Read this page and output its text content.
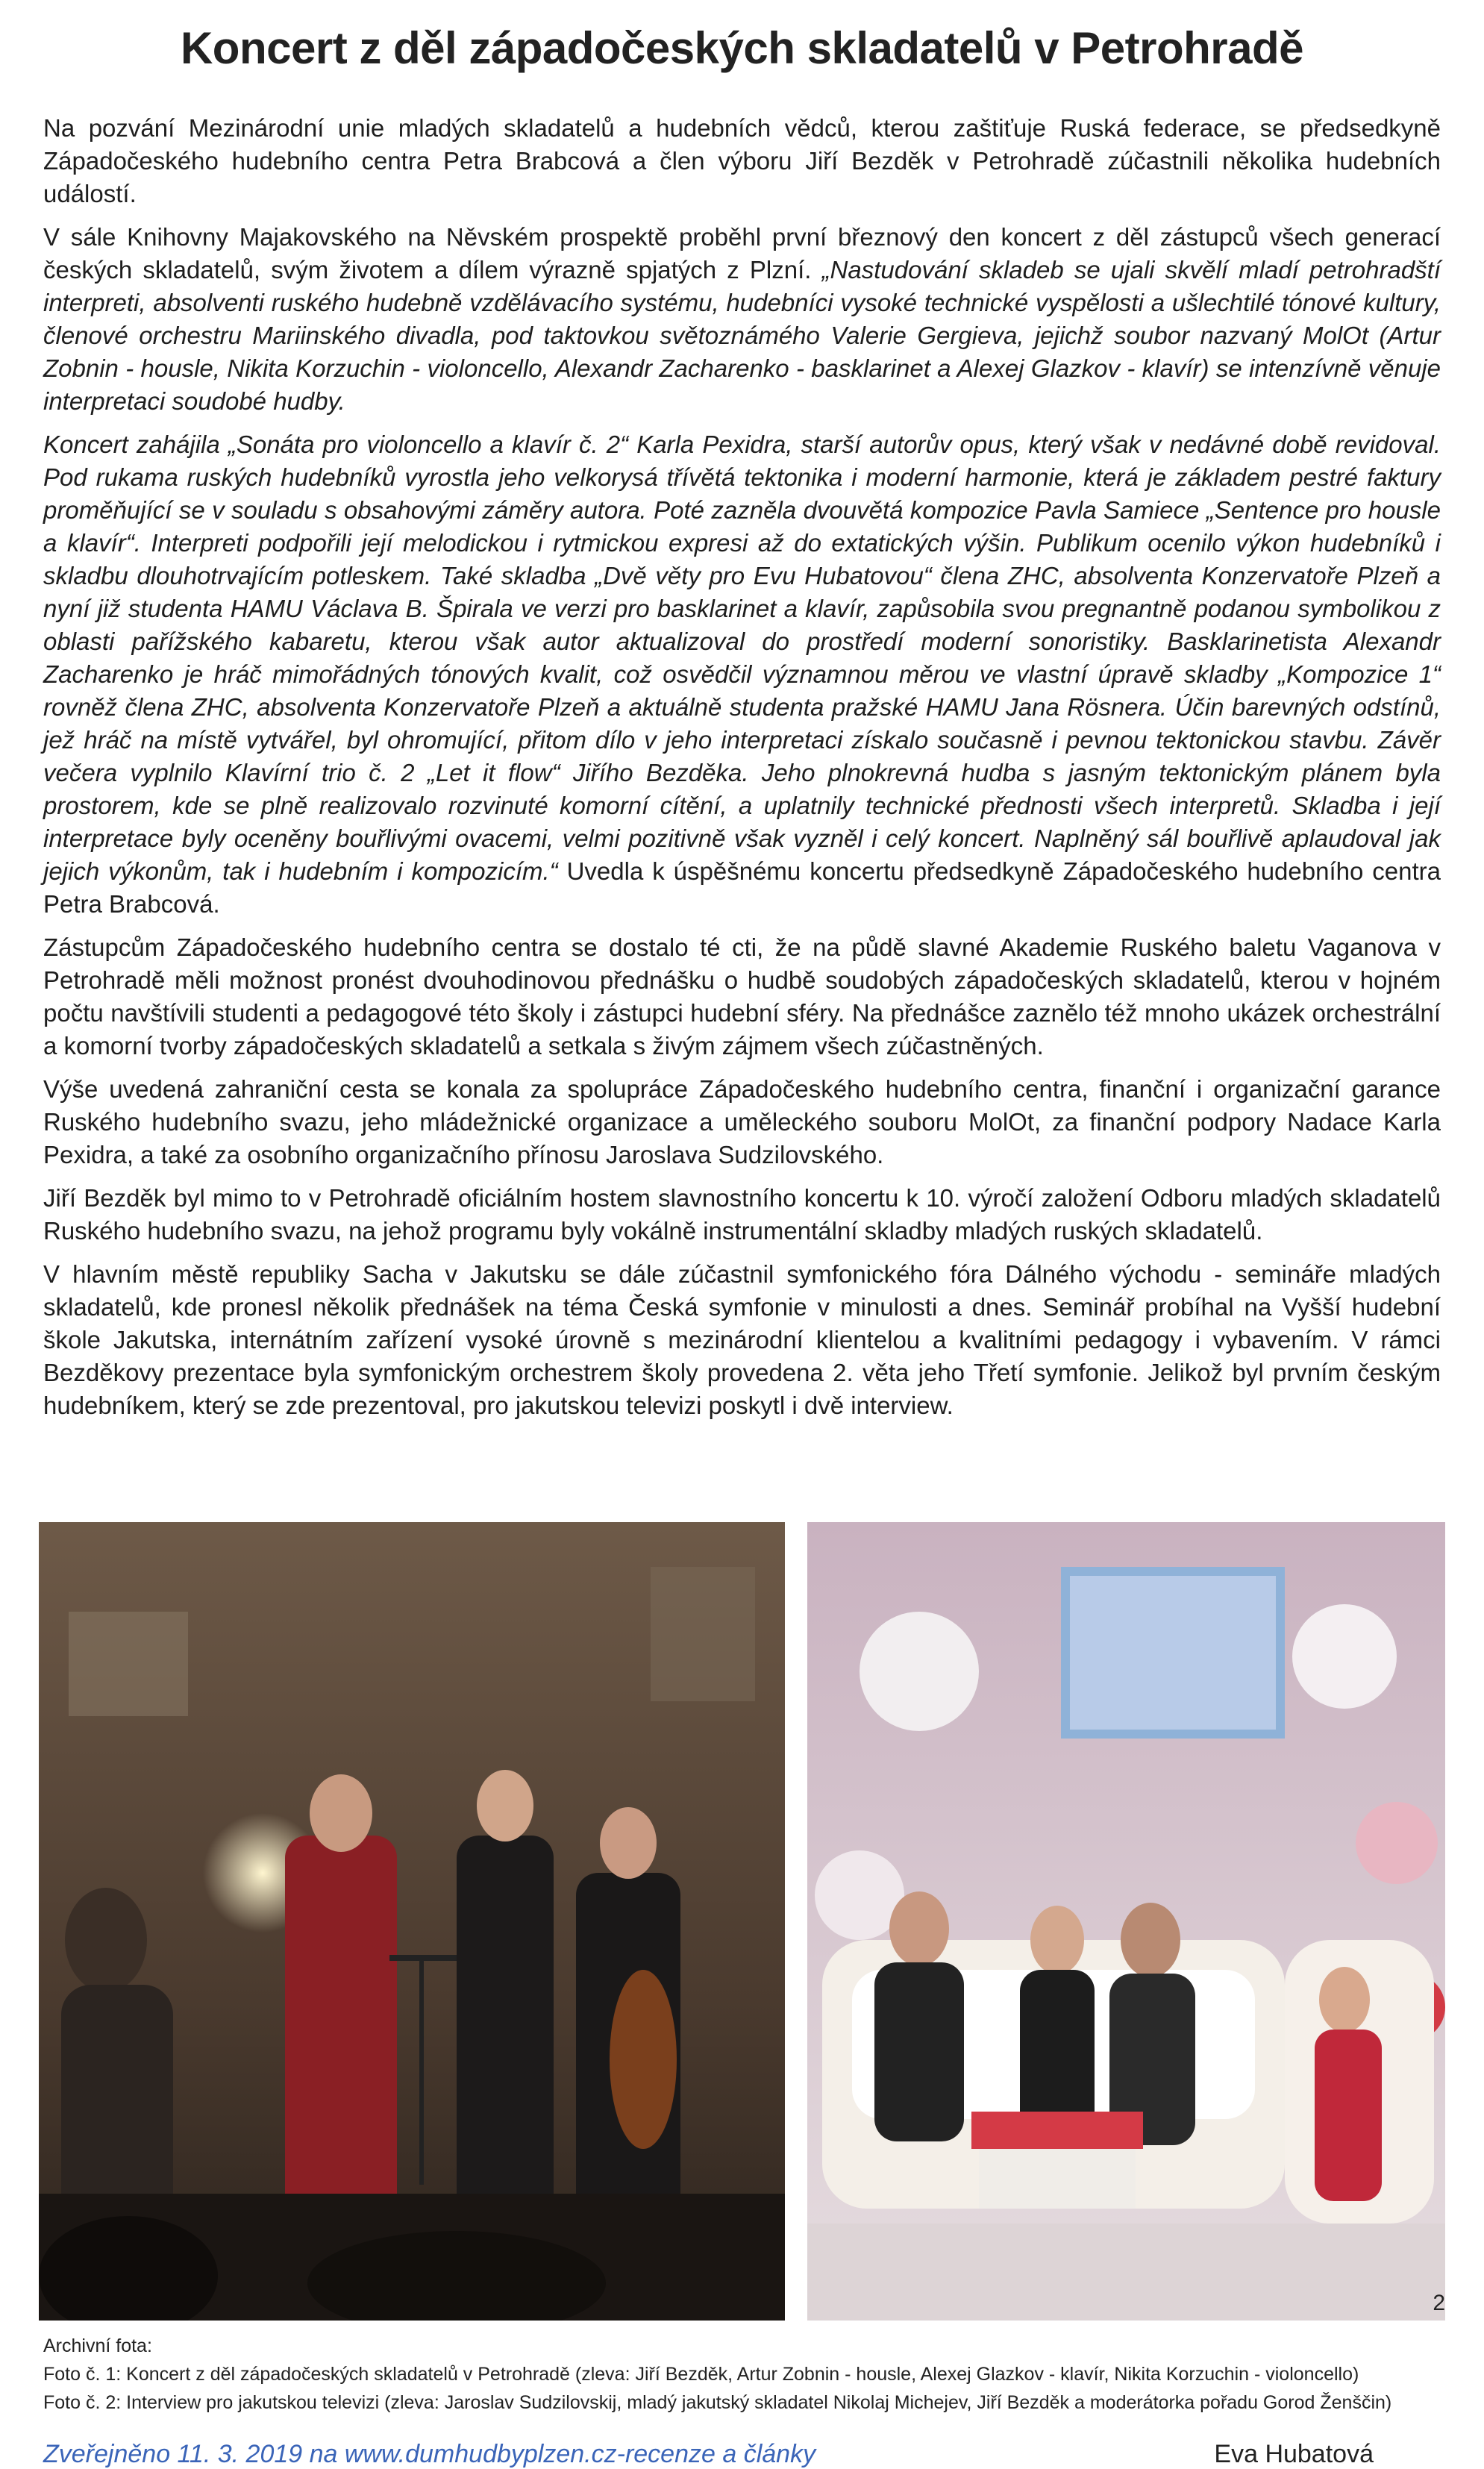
Koncert z děl západočeských skladatelů v Petrohradě

Na pozvání Mezinárodní unie mladých skladatelů a hudebních vědců, kterou zaštiťuje Ruská federace, se předsedkyně Západočeského hudebního centra Petra Brabcová a člen výboru Jiří Bezděk v Petrohradě zúčastnili několika hudebních událostí.

V sále Knihovny Majakovského na Něvském prospektě proběhl první březnový den koncert z děl zástupců všech generací českých skladatelů, svým životem a dílem výrazně spjatých z Plzní. „Nastudování skladeb se ujali skvělí mladí petrohradští interpreti, absolventi ruského hudebně vzdělávacího systému, hudebníci vysoké technické vyspělosti a ušlechtilé tónové kultury, členové orchestru Mariinského divadla, pod taktovkou světoznámého Valerie Gergieva, jejichž soubor nazvaný MolOt (Artur Zobnin - housle, Nikita Korzuchin - violoncello, Alexandr Zacharenko - basklarinet a Alexej Glazkov - klavír) se intenzívně věnuje interpretaci soudobé hudby.

Koncert zahájila „Sonáta pro violoncello a klavír č. 2“ Karla Pexidra, starší autorův opus, který však v nedávné době revidoval. Pod rukama ruských hudebníků vyrostla jeho velkorysá třívětá tektonika i moderní harmonie, která je základem pestré faktury proměňující se v souladu s obsahovými záměry autora. Poté zazněla dvouvětá kompozice Pavla Samiece „Sentence pro housle a klavír“. Interpreti podpořili její melodickou i rytmickou expresi až do extatických výšin. Publikum ocenilo výkon hudebníků i skladbu dlouhotrvajícím potleskem. Také skladba „Dvě věty pro Evu Hubatovou“ člena ZHC, absolventa Konzervatoře Plzeň a nyní již studenta HAMU Václava B. Špirala ve verzi pro basklarinet a klavír, zapůsobila svou pregnantně podanou symbolikou z oblasti pařížského kabaretu, kterou však autor aktualizoval do prostředí moderní sonoristiky. Basklarinetista Alexandr Zacharenko je hráč mimořádných tónových kvalit, což osvědčil významnou měrou ve vlastní úpravě skladby „Kompozice 1“ rovněž člena ZHC, absolventa Konzervatoře Plzeň a aktuálně studenta pražské HAMU Jana Rösnera. Účin barevných odstínů, jež hráč na místě vytvářel, byl ohromující, přitom dílo v jeho interpretaci získalo současně i pevnou tektonickou stavbu. Závěr večera vyplnilo Klavírní trio č. 2 „Let it flow“ Jiřího Bezděka. Jeho plnokrevná hudba s jasným tektonickým plánem byla prostorem, kde se plně realizovalo rozvinuté komorní cítění, a uplatnily technické přednosti všech interpretů. Skladba i její interpretace byly oceněny bouřlivými ovacemi, velmi pozitivně však vyzněl i celý koncert. Naplněný sál bouřlivě aplaudoval jak jejich výkonům, tak i hudebním i kompozicím.“ Uvedla k úspěšnému koncertu předsedkyně Západočeského hudebního centra Petra Brabcová.

Zástupcům Západočeského hudebního centra se dostalo té cti, že na půdě slavné Akademie Ruského baletu Vaganova v Petrohradě měli možnost pronést dvouhodinovou přednášku o hudbě soudobých západočeských skladatelů, kterou v hojném počtu navštívili studenti a pedagogové této školy i zástupci hudební sféry. Na přednášce zaznělo též mnoho ukázek orchestrální a komorní tvorby západočeských skladatelů a setkala s živým zájmem všech zúčastněných.

Výše uvedená zahraniční cesta se konala za spolupráce Západočeského hudebního centra, finanční i organizační garance Ruského hudebního svazu, jeho mládežnické organizace a uměleckého souboru MolOt, za finanční podpory Nadace Karla Pexidra, a také za osobního organizačního přínosu Jaroslava Sudzilovského.

Jiří Bezděk byl mimo to v Petrohradě oficiálním hostem slavnostního koncertu k 10. výročí založení Odboru mladých skladatelů Ruského hudebního svazu, na jehož programu byly vokálně instrumentální skladby mladých ruských skladatelů.

V hlavním městě republiky Sacha v Jakutsku se dále zúčastnil symfonického fóra Dálného východu - semináře mladých skladatelů, kde pronesl několik přednášek na téma Česká symfonie v minulosti a dnes. Seminář probíhal na Vyšší hudební škole Jakutska, internátním zařízení vysoké úrovně s mezinárodní klientelou a kvalitními pedagogy i vybavením. V rámci Bezděkovy prezentace byla symfonickým orchestrem školy provedena 2. věta jeho Třetí symfonie. Jelikož byl prvním českým hudebníkem, který se zde prezentoval, pro jakutskou televizi poskytl i dvě interview.

2
Archivní fota:
Foto č. 1: Koncert z děl západočeských skladatelů v Petrohradě (zleva: Jiří Bezděk, Artur Zobnin - housle, Alexej Glazkov - klavír, Nikita Korzuchin - violoncello)
Foto č. 2: Interview pro jakutskou televizi (zleva: Jaroslav Sudzilovskij, mladý jakutský skladatel Nikolaj Michejev, Jiří Bezděk a moderátorka pořadu Gorod Ženščin)
Zveřejněno 11. 3. 2019 na www.dumhudbyplzen.cz-recenze a články	Eva Hubatová
